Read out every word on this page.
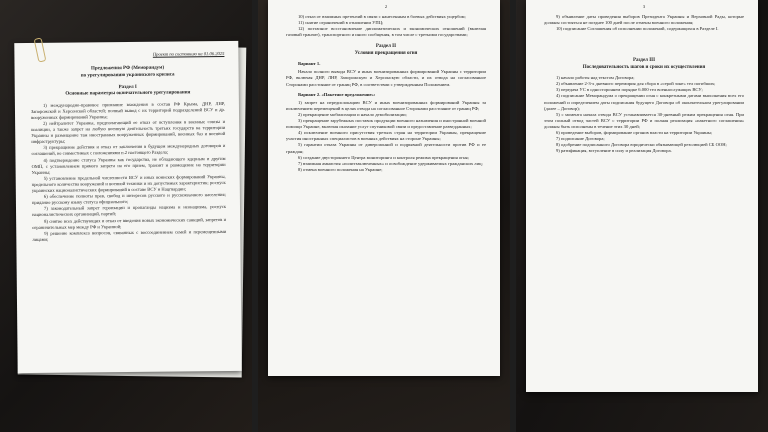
Проект по состоянию на 01.06.2025
Предложения РФ (Меморандум)
по урегулированию украинского кризиса
Раздел I
Основные параметры окончательного урегулирования

1) международно-правовое признание вхождения в состав РФ Крыма, ДНР, ЛНР, Запорожской и Херсонской областей; полный вывод с их территорий подразделений ВСУ и др. вооруженных формирований Украины;

2) нейтралитет Украины, предполагающий ее отказ от вступления в военные союзы и коалиции, а также запрет на любую военную деятельность третьих государств на территории Украины и размещение там иностранных вооруженных формирований, военных баз и военной инфраструктуры;

3) прекращение действия и отказ от заключения в будущем международных договоров и соглашений, не совместимых с положениями п.2 настоящего Раздела;

4) подтверждение статуса Украины как государства, не обладающего ядерным и другим ОМП, с установлением прямого запрета на его прием, транзит и размещение на территории Украины;

5) установление предельной численности ВСУ и иных воинских формирований Украины, предельного количества вооружений и военной техники и их допустимых характеристик; роспуск украинских националистических формирований в составе ВСУ и Нацгвардии;

6) обеспечение полноты прав, свобод и интересов русского и русскоязычного населения; придание русскому языку статуса официального;

7) законодательный запрет героизации и пропаганды нацизма и неонацизма, роспуск националистических организаций, партий;

8) снятие всех действующих и отказ от введения новых экономических санкций, запретов и ограничительных мер между РФ и Украиной;

9) решение комплекса вопросов, связанных с воссоединением семей и перемещенными лицами;

2

10) отказ от взаимных претензий в связи с нанесенным в боевых действиях ущербом;

11) снятие ограничений в отношении УПЦ;

12) поэтапное восстановление дипломатических и экономических отношений (включая газовый транзит), транспортного и иного сообщения, в том числе с третьими государствами;

Раздел II
Условия прекращения огня
Вариант 1.

Начало полного вывода ВСУ и иных военизированных формирований Украины с территории РФ, включая ДНР, ЛНР, Запорожскую и Херсонскую области, и их отвода на согласованное Сторонами расстояние от границ РФ, в соответствии с утвержденным Положением.

Вариант 2. «Пакетное предложение»:

1) запрет на передислокацию ВСУ и иных военизированных формирований Украины за исключением перемещений в целях отвода на согласованное Сторонами расстояние от границ РФ;

2) прекращение мобилизации и начало демобилизации;

3) прекращение зарубежных поставок продукции военного назначения и иностранной военной помощи Украине, включая оказание услуг спутниковой связи и предоставление разведданных;

4) исключение военного присутствия третьих стран на территории Украины, прекращение участия иностранных специалистов в военных действиях на стороне Украины;

5) гарантии отказа Украины от диверсионной и подрывной деятельности против РФ и ее граждан;

6) создание двустороннего Центра мониторинга и контроля режима прекращения огня;

7) взаимная амнистия «политзаключенных» и освобождение удерживаемых гражданских лиц;

8) отмена военного положения на Украине;

3

9) объявление даты проведения выборов Президента Украины и Верховной Рады, которые должны состояться не позднее 100 дней после отмены военного положения;

10) подписание Соглашения об исполнении положений, содержащихся в Разделе I.

Раздел III
Последовательность шагов и сроки их осуществления

1) начало работы над текстом Договора;

2) объявление 2-3-х дневного перемирия для сбора в «серой зоне» тел погибших;

3) передача УС в одностороннем порядке 6.000 тел военнослужащих ВСУ;

4) подписание Меморандума о прекращении огня с конкретными датами выполнения всех его положений и определением даты подписания будущего Договора об окончательном урегулировании (далее – Договор);

5) с момента начала отвода ВСУ устанавливается 30-дневный режим прекращения огня. При этом полный отвод частей ВСУ с территории РФ и полная реализация «пакетного соглашения» должны быть исполнены в течение этих 30 дней;

6) проведение выборов, формирование органов власти на территории Украины;

7) подписание Договора;

8) одобрение подписанного Договора юридически обязывающей резолюцией СБ ООН;

9) ратификация, вступление в силу и реализация Договора.
